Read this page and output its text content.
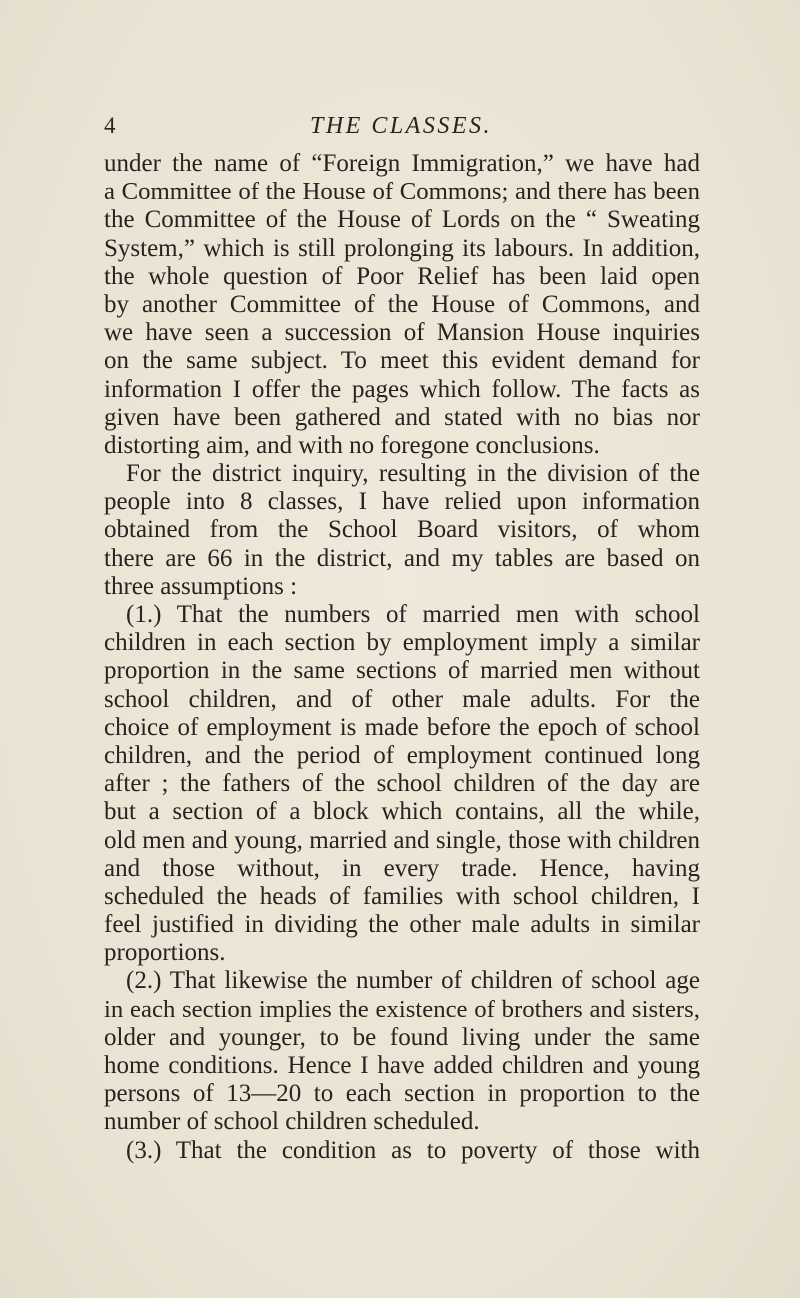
4	THE CLASSES.
under the name of “Foreign Immigration,” we have had
a Committee of the House of Commons; and there has been
the Committee of the House of Lords on the “ Sweating
System,” which is still prolonging its labours. In addition,
the whole question of Poor Relief has been laid open
by another Committee of the House of Commons, and
we have seen a succession of Mansion House inquiries
on the same subject. To meet this evident demand for
information I offer the pages which follow. The facts as
given have been gathered and stated with no bias nor
distorting aim, and with no foregone conclusions.
For the district inquiry, resulting in the division of the
people into 8 classes, I have relied upon information
obtained from the School Board visitors, of whom
there are 66 in the district, and my tables are based on
three assumptions :
(1.) That the numbers of married men with school
children in each section by employment imply a similar
proportion in the same sections of married men without
school children, and of other male adults. For the
choice of employment is made before the epoch of school
children, and the period of employment continued long
after ; the fathers of the school children of the day are
but a section of a block which contains, all the while,
old men and young, married and single, those with children
and those without, in every trade. Hence, having
scheduled the heads of families with school children, I
feel justified in dividing the other male adults in similar
proportions.
(2.) That likewise the number of children of school age
in each section implies the existence of brothers and sisters,
older and younger, to be found living under the same
home conditions. Hence I have added children and young
persons of 13—20 to each section in proportion to the
number of school children scheduled.
(3.) That the condition as to poverty of those with
